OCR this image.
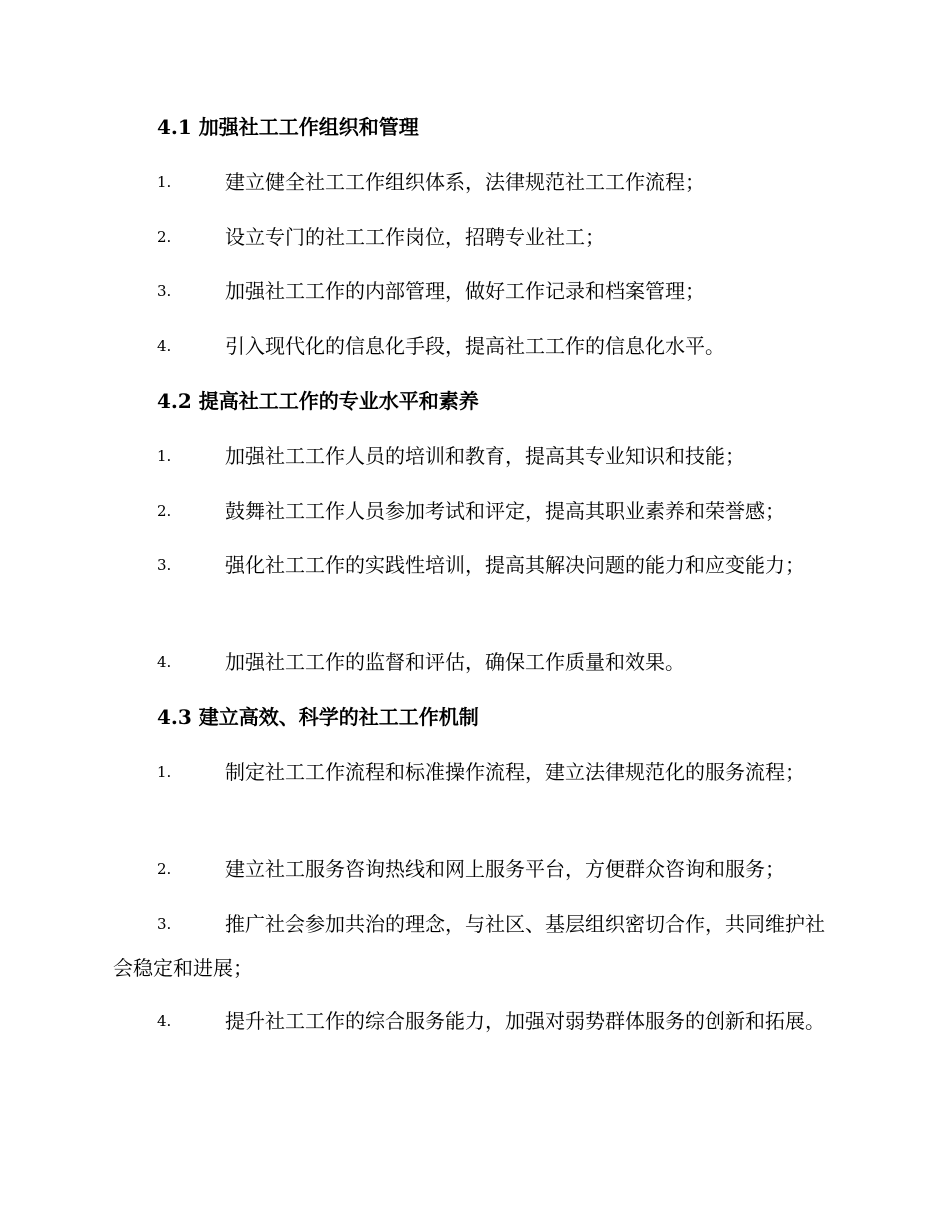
4.1 加强社工工作组织和管理
1.	建立健全社工工作组织体系，法律规范社工工作流程；
2.	设立专门的社工工作岗位，招聘专业社工；
3.	加强社工工作的内部管理，做好工作记录和档案管理；
4.	引入现代化的信息化手段，提高社工工作的信息化水平。
4.2 提高社工工作的专业水平和素养
1.	加强社工工作人员的培训和教育，提高其专业知识和技能；
2.	鼓舞社工工作人员参加考试和评定，提高其职业素养和荣誉感；
3.	强化社工工作的实践性培训，提高其解决问题的能力和应变能力；
4.	加强社工工作的监督和评估，确保工作质量和效果。
4.3 建立高效、科学的社工工作机制
1.	制定社工工作流程和标准操作流程，建立法律规范化的服务流程；
2.	建立社工服务咨询热线和网上服务平台，方便群众咨询和服务；
3.	推广社会参加共治的理念，与社区、基层组织密切合作，共同维护社会稳定和进展；
4.	提升社工工作的综合服务能力，加强对弱势群体服务的创新和拓展。
